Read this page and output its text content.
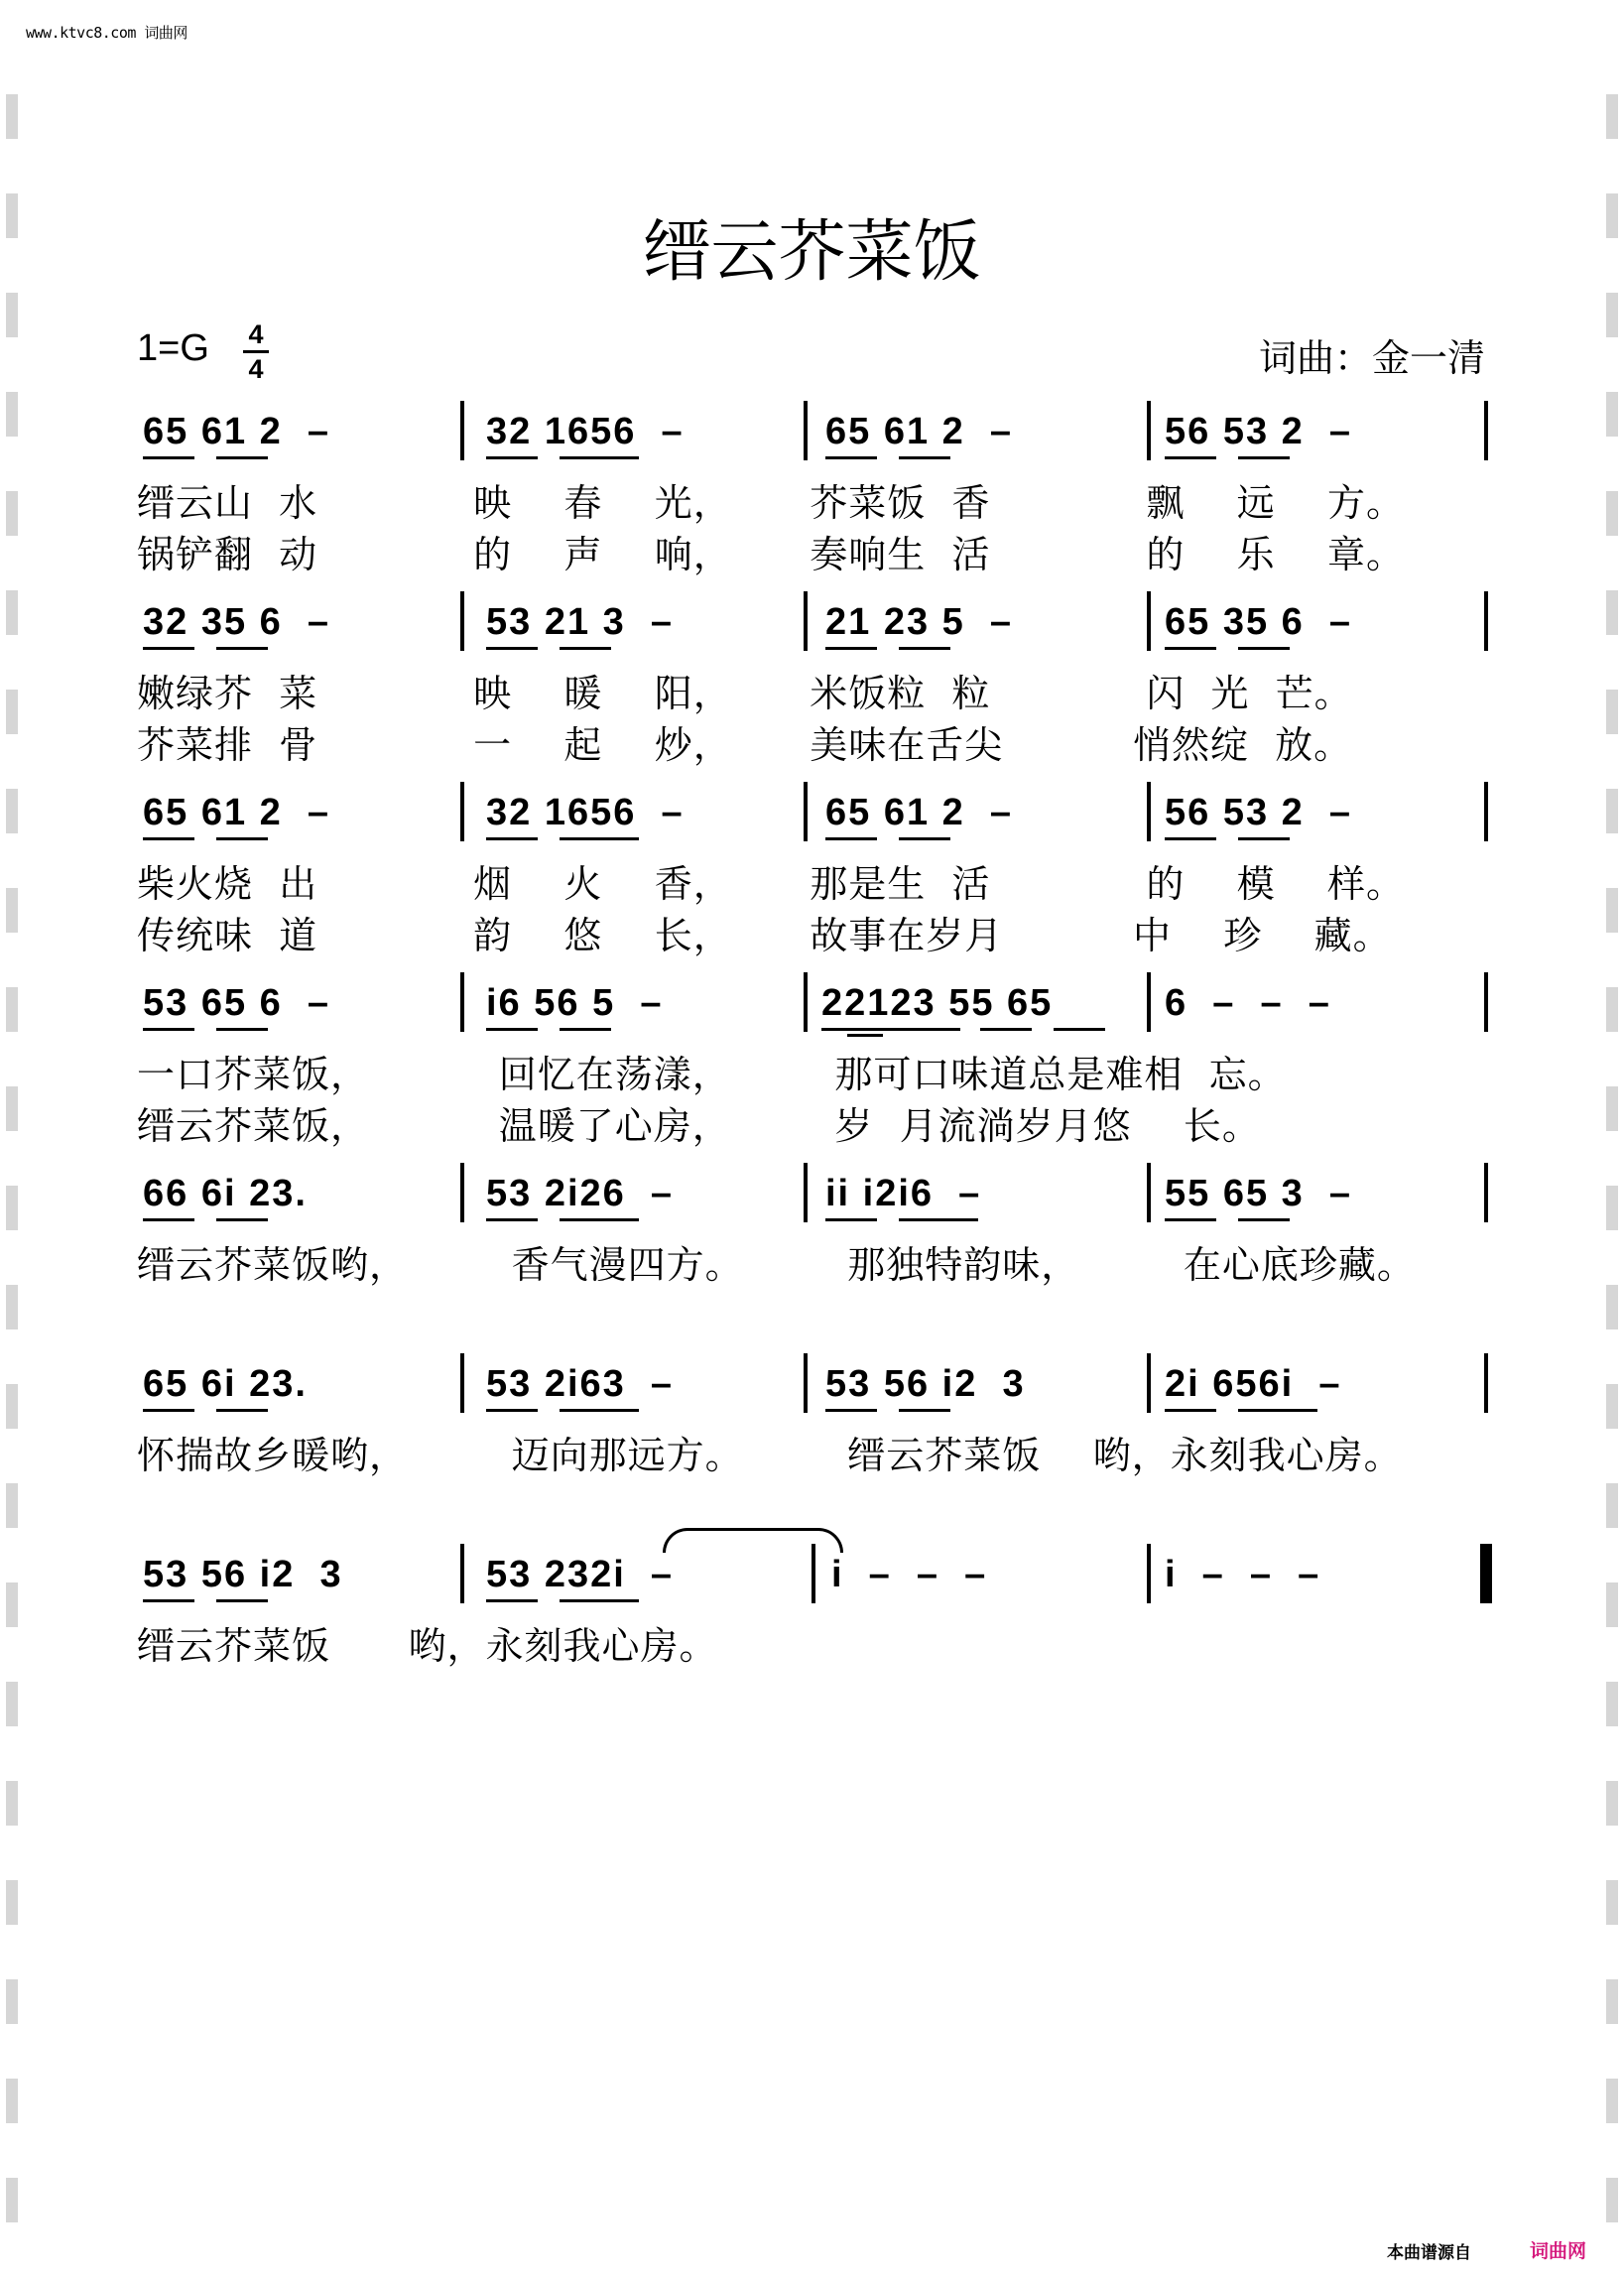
www.ktvc8.com 词曲网
缙云芥菜饭
1=G 4
4	词曲：金一清
65 61 2  –	32 1656  –	65 61 2  –	56 53 2  –
缙云山  水            映    春    光，      芥菜饭  香            飘    远    方。
锅铲翻  动            的    声    响，      奏响生  活            的    乐    章。
32 35 6  –	53 21 3  –	21 23 5  –	65 35 6  –
嫩绿芥  菜            映    暖    阳，      米饭粒  粒            闪  光  芒。
芥菜排  骨            一    起    炒，      美味在舌尖          悄然绽  放。
65 61 2  –	32 1656  –	65 61 2  –	56 53 2  –
柴火烧  出            烟    火    香，      那是生  活            的    模    样。
传统味  道            韵    悠    长，      故事在岁月          中    珍    藏。
53 65 6  –	i6 56 5  –	22123 55 65	6  –  –  –
一口芥菜饭，          回忆在荡漾，        那可口味道总是难相  忘。
缙云芥菜饭，          温暖了心房，        岁  月流淌岁月悠    长。
66 6i 23.	53 2i26  –	ii i2i6  –	55 65 3  –
缙云芥菜饭哟，        香气漫四方。        那独特韵味，        在心底珍藏。
65 6i 23.	53 2i63  –	53 56 i2  3	2i 656i  –
怀揣故乡暖哟，        迈向那远方。        缙云芥菜饭    哟，永刻我心房。
53 56 i2  3	53 232i  –	i  –  –  –	i  –  –  –
缙云芥菜饭      哟，永刻我心房。
本曲谱源自	词曲网
